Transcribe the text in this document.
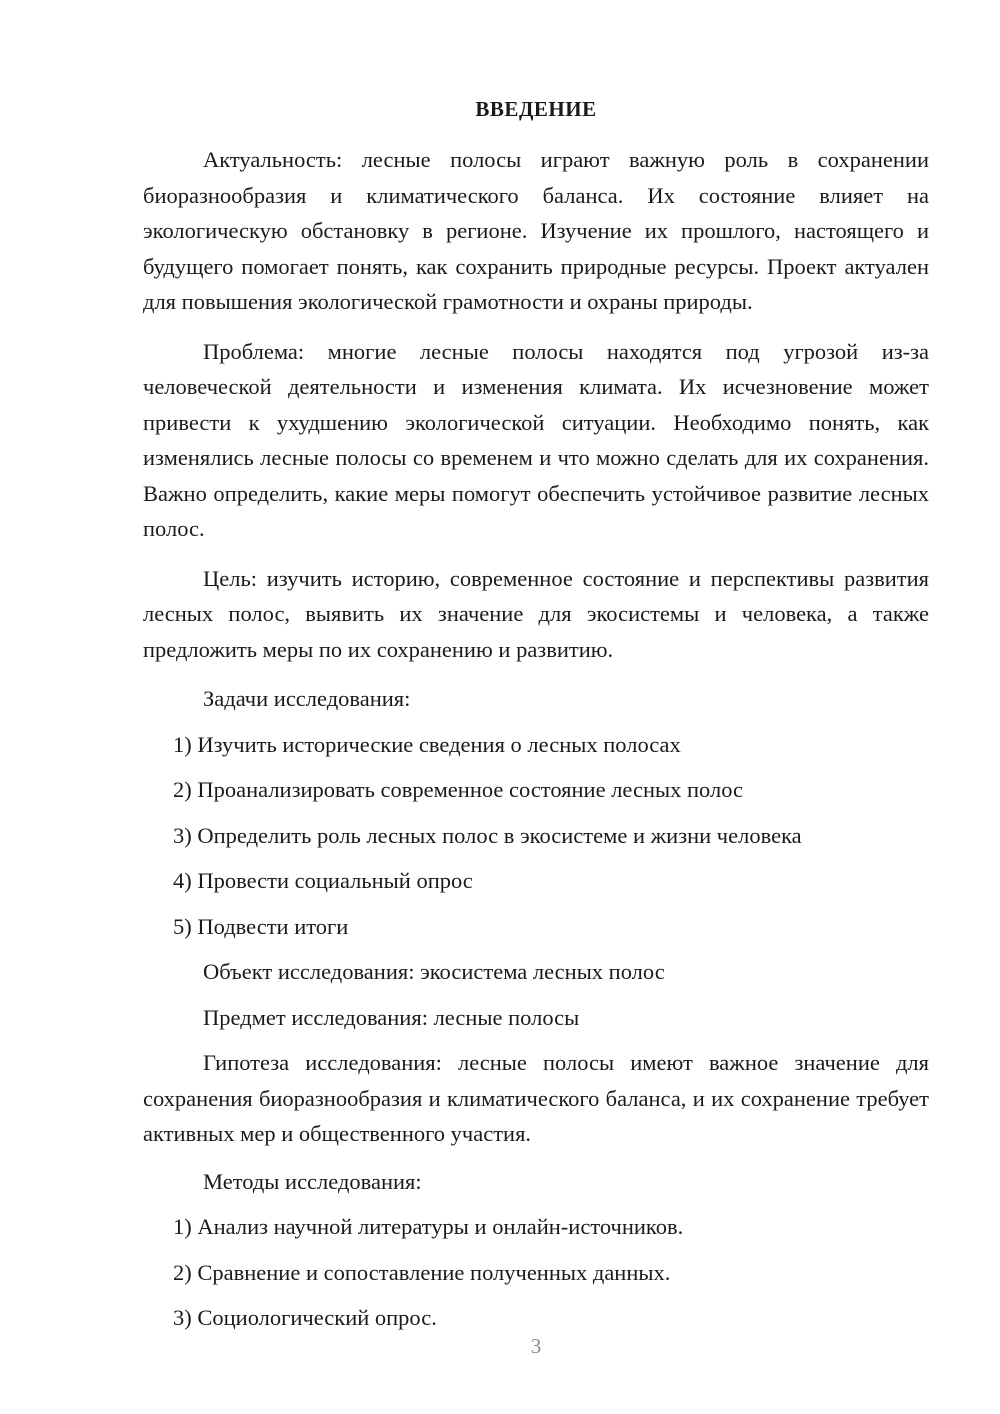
ВВЕДЕНИЕ

Актуальность: лесные полосы играют важную роль в сохранении биоразнообразия и климатического баланса. Их состояние влияет на экологическую обстановку в регионе. Изучение их прошлого, настоящего и будущего помогает понять, как сохранить природные ресурсы. Проект актуален для повышения экологической грамотности и охраны природы.

Проблема: многие лесные полосы находятся под угрозой из-за человеческой деятельности и изменения климата. Их исчезновение может привести к ухудшению экологической ситуации. Необходимо понять, как изменялись лесные полосы со временем и что можно сделать для их сохранения. Важно определить, какие меры помогут обеспечить устойчивое развитие лесных полос.

Цель: изучить историю, современное состояние и перспективы развития лесных полос, выявить их значение для экосистемы и человека, а также предложить меры по их сохранению и развитию.

Задачи исследования:
1) Изучить исторические сведения о лесных полосах
2) Проанализировать современное состояние лесных полос
3) Определить роль лесных полос в экосистеме и жизни человека
4) Провести социальный опрос
5) Подвести итоги
Объект исследования: экосистема лесных полос
Предмет исследования: лесные полосы

Гипотеза исследования: лесные полосы имеют важное значение для сохранения биоразнообразия и климатического баланса, и их сохранение требует активных мер и общественного участия.

Методы исследования:
1) Анализ научной литературы и онлайн-источников.
2) Сравнение и сопоставление полученных данных.
3) Социологический опрос.
3
